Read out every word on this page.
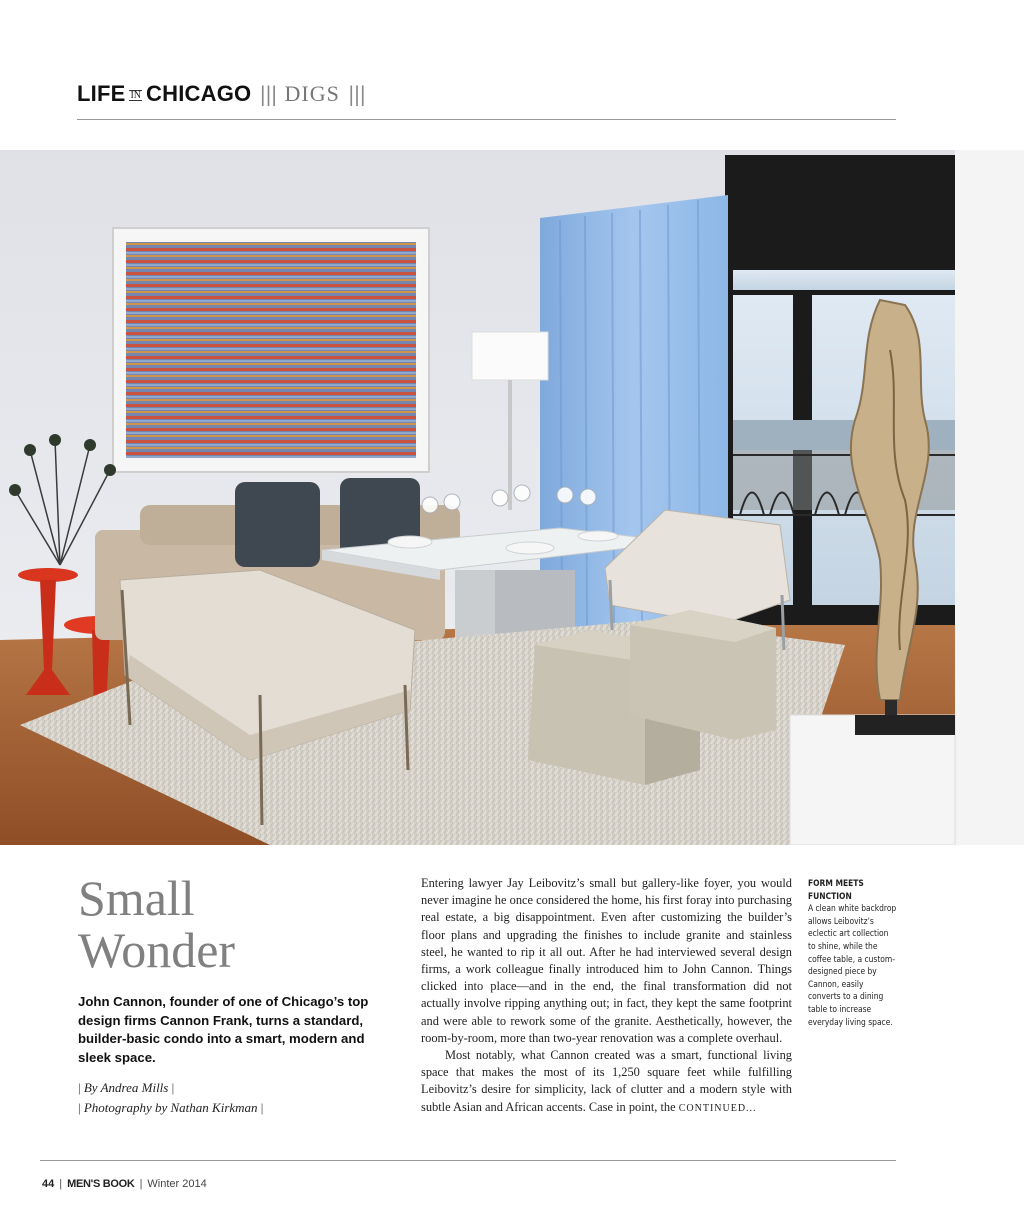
LIFE IN CHICAGO ||| DIGS |||
Small
Wonder
John Cannon, founder of one of Chicago’s top design firms Cannon Frank, turns a standard, builder-basic condo into a smart, modern and sleek space.
| By Andrea Mills |
| Photography by Nathan Kirkman |

Entering lawyer Jay Leibovitz’s small but gallery-like foyer, you would never imagine he once considered the home, his first foray into purchasing real estate, a big disappointment. Even after customizing the builder’s floor plans and upgrading the finishes to include granite and stainless steel, he wanted to rip it all out. After he had interviewed several design firms, a work colleague finally introduced him to John Cannon. Things clicked into place—and in the end, the final transformation did not actually involve ripping anything out; in fact, they kept the same footprint and were able to rework some of the granite. Aesthetically, however, the room-by-room, more than two-year renovation was a complete overhaul.

Most notably, what Cannon created was a smart, functional living space that makes the most of its 1,250 square feet while fulfilling Leibovitz’s desire for simplicity, lack of clutter and a modern style with subtle Asian and African accents. Case in point, the CONTINUED...

FORM MEETS FUNCTION
A clean white backdrop allows Leibovitz’s eclectic art collection to shine, while the coffee table, a custom-designed piece by Cannon, easily converts to a dining table to increase everyday living space.
44 | MEN'S BOOK | Winter 2014
